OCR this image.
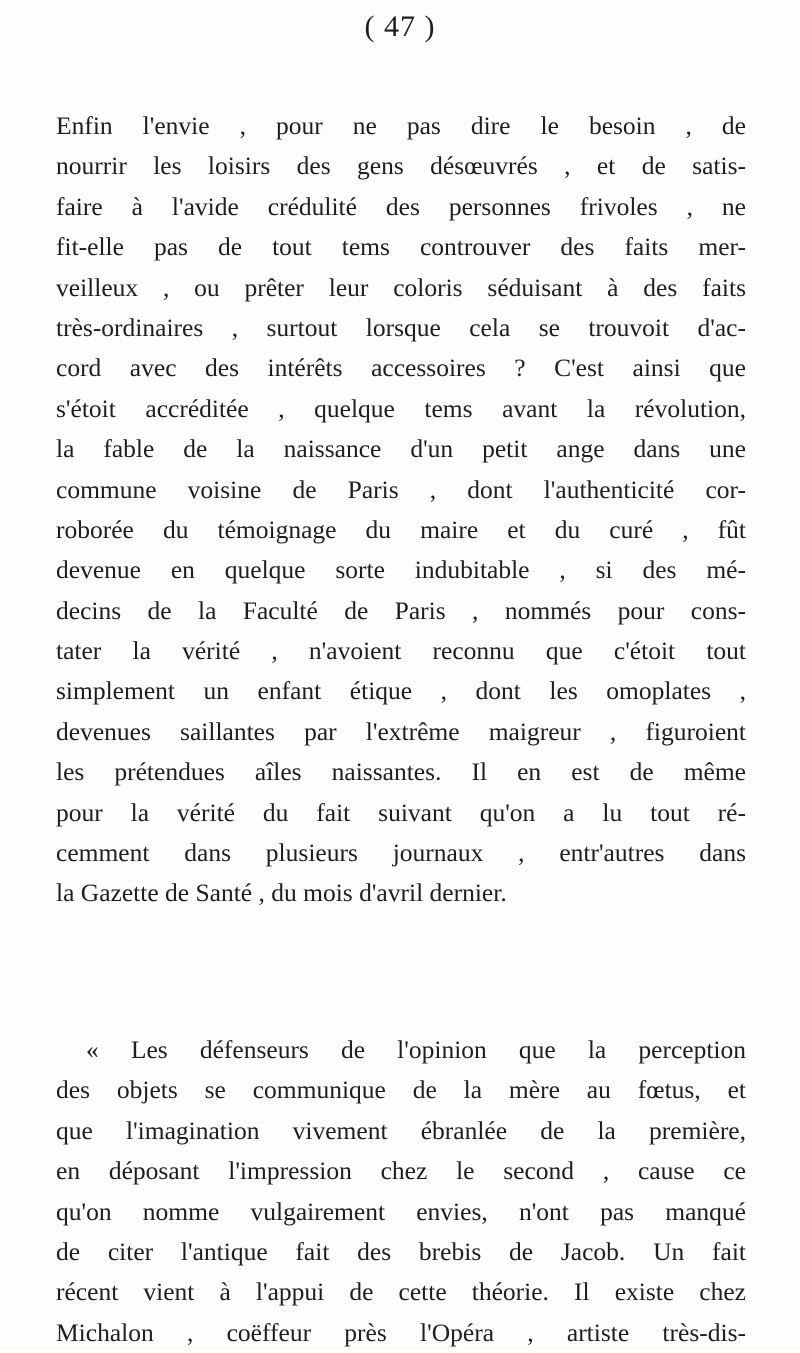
( 47 )
Enfin l'envie , pour ne pas dire le besoin , de
nourrir les loisirs des gens désœuvrés , et de satis-
faire à l'avide crédulité des personnes frivoles , ne
fit-elle pas de tout tems controuver des faits mer-
veilleux , ou prêter leur coloris séduisant à des faits
très-ordinaires , surtout lorsque cela se trouvoit d'ac-
cord avec des intérêts accessoires ? C'est ainsi que
s'étoit accréditée , quelque tems avant la révolution,
la fable de la naissance d'un petit ange dans une
commune voisine de Paris , dont l'authenticité cor-
roborée du témoignage du maire et du curé , fût
devenue en quelque sorte indubitable , si des mé-
decins de la Faculté de Paris , nommés pour cons-
tater la vérité , n'avoient reconnu que c'étoit tout
simplement un enfant étique , dont les omoplates ,
devenues saillantes par l'extrême maigreur , figuroient
les prétendues aîles naissantes. Il en est de même
pour la vérité du fait suivant qu'on a lu tout ré-
cemment dans plusieurs journaux , entr'autres dans
la Gazette de Santé , du mois d'avril dernier.
« Les défenseurs de l'opinion que la perception
des objets se communique de la mère au fœtus, et
que l'imagination vivement ébranlée de la première,
en déposant l'impression chez le second , cause ce
qu'on nomme vulgairement envies, n'ont pas manqué
de citer l'antique fait des brebis de Jacob. Un fait
récent vient à l'appui de cette théorie. Il existe chez
Michalon , coëffeur près l'Opéra , artiste très-dis-
